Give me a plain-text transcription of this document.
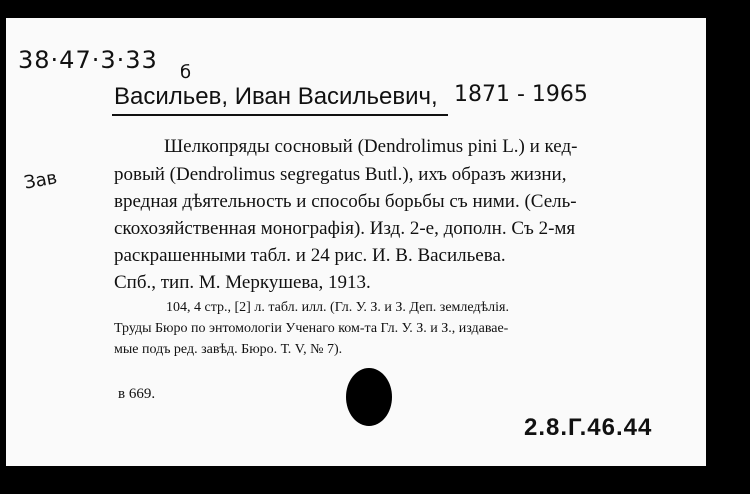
38·47·3·33 б
Васильев, Иван Васильевич, 1871 - 1965
Зав
Шелкопряды сосновый (Dendrolimus pini L.) и кед-
ровый (Dendrolimus segregatus Butl.), ихъ образъ жизни,
вредная дѣятельность и способы борьбы съ ними. (Сель-
скохозяйственная монографія). Изд. 2-е, дополн. Съ 2-мя
раскрашенными табл. и 24 рис. И. В. Васильева.
Спб., тип. М. Меркушева, 1913.
104, 4 стр., [2] л. табл. илл. (Гл. У. З. и З. Деп. земледѣлія.
Труды Бюро по энтомологіи Ученаго ком-та Гл. У. З. и З., издавае-
мые подъ ред. завѣд. Бюро. Т. V, № 7).
в 669.
2.8.Г.46.44
